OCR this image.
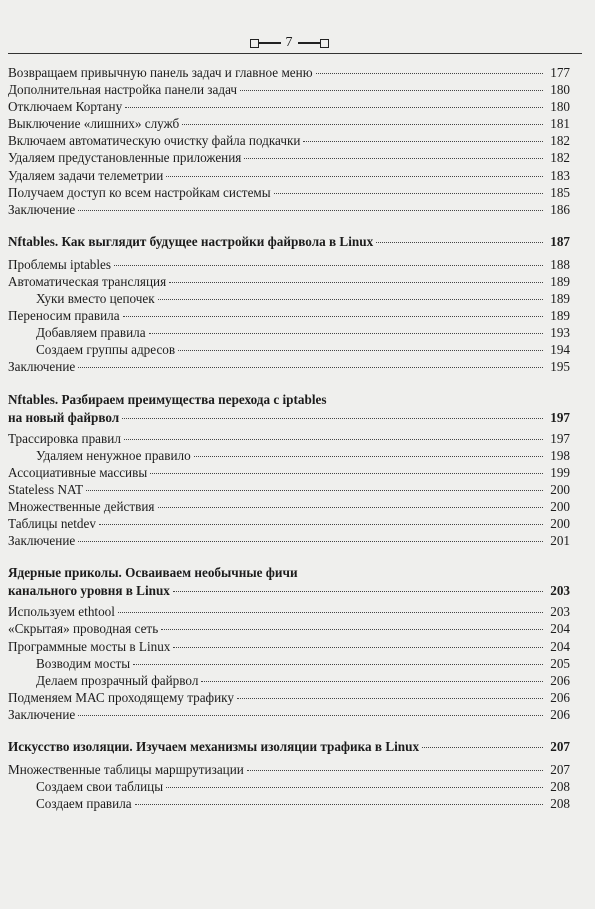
7
Возвращаем привычную панель задач и главное меню	177
Дополнительная настройка панели задач	180
Отключаем Кортану	180
Выключение «лишних» служб	181
Включаем автоматическую очистку файла подкачки	182
Удаляем предустановленные приложения	182
Удаляем задачи телеметрии	183
Получаем доступ ко всем настройкам системы	185
Заключение	186
Nftables. Как выглядит будущее настройки файрвола в Linux	187
Проблемы iptables	188
Автоматическая трансляция	189
Хуки вместо цепочек	189
Переносим правила	189
Добавляем правила	193
Создаем группы адресов	194
Заключение	195
Nftables. Разбираем преимущества перехода с iptables
на новый файрвол	197
Трассировка правил	197
Удаляем ненужное правило	198
Ассоциативные массивы	199
Stateless NAT	200
Множественные действия	200
Таблицы netdev	200
Заключение	201
Ядерные приколы. Осваиваем необычные фичи
канального уровня в Linux	203
Используем ethtool	203
«Скрытая» проводная сеть	204
Программные мосты в Linux	204
Возводим мосты	205
Делаем прозрачный файрвол	206
Подменяем МАС проходящему трафику	206
Заключение	206
Искусство изоляции. Изучаем механизмы изоляции трафика в Linux	207
Множественные таблицы маршрутизации	207
Создаем свои таблицы	208
Создаем правила	208
